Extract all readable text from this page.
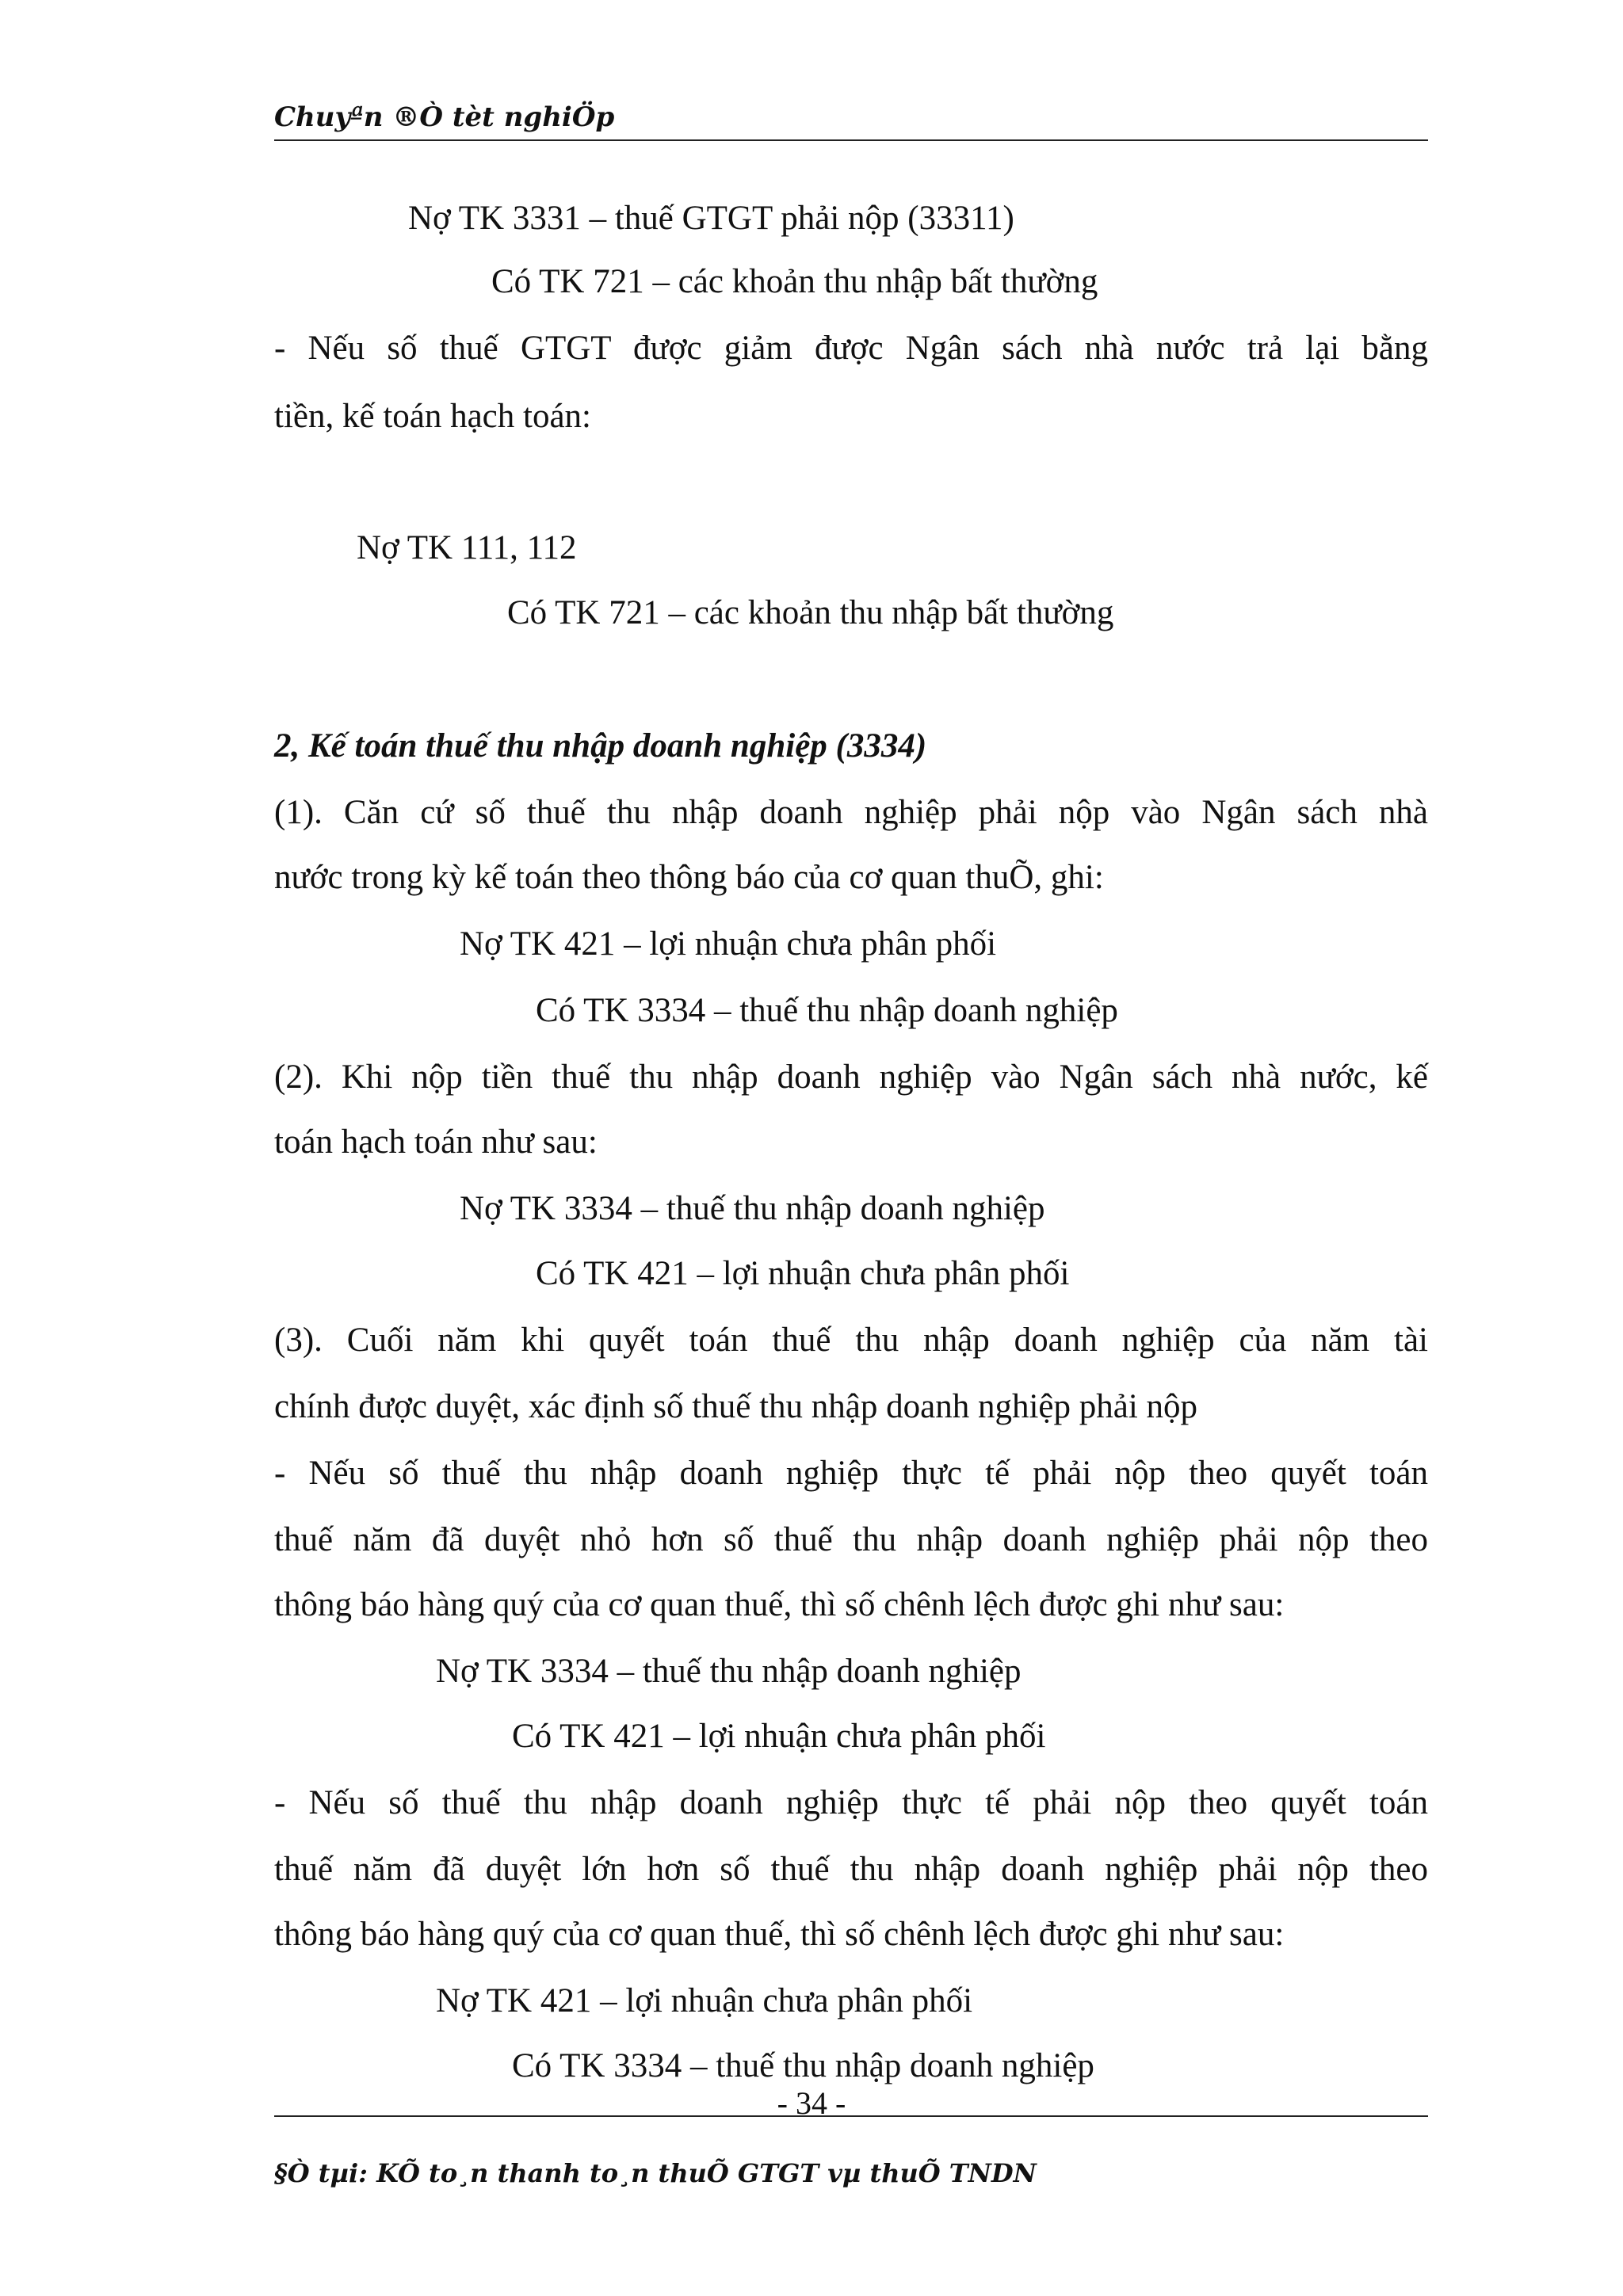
Chuyªn ®Ò tèt nghiÖp
Nợ TK 3331 – thuế GTGT phải nộp (33311)
Có TK 721 – các khoản thu nhập bất thường
- Nếu số thuế GTGT được giảm được Ngân sách nhà nước trả lại bằng
tiền, kế toán hạch toán:
Nợ TK 111, 112
Có TK 721 – các khoản thu nhập bất thường
2, Kế toán thuế thu nhập doanh nghiệp (3334)
(1). Căn cứ số thuế thu nhập doanh nghiệp phải nộp vào Ngân sách nhà
nước trong kỳ kế toán theo thông báo của cơ quan thuÕ, ghi:
Nợ TK 421 – lợi nhuận chưa phân phối
Có TK 3334 – thuế thu nhập doanh nghiệp
(2). Khi nộp tiền thuế thu nhập doanh nghiệp vào Ngân sách nhà nước, kế
toán hạch toán như sau:
Nợ TK 3334 – thuế thu nhập doanh nghiệp
Có TK 421 – lợi nhuận chưa phân phối
(3). Cuối năm khi quyết toán thuế thu nhập doanh nghiệp của năm tài
chính được duyệt, xác định số thuế thu nhập doanh nghiệp phải nộp
- Nếu số thuế thu nhập doanh nghiệp thực tế phải nộp theo quyết toán
thuế năm đã duyệt nhỏ hơn số thuế thu nhập doanh nghiệp phải nộp theo
thông báo hàng quý của cơ quan thuế, thì số chênh lệch được ghi như sau:
Nợ TK 3334 – thuế thu nhập doanh nghiệp
Có TK 421 – lợi nhuận chưa phân phối
- Nếu số thuế thu nhập doanh nghiệp thực tế phải nộp theo quyết toán
thuế năm đã duyệt lớn hơn số thuế thu nhập doanh nghiệp phải nộp theo
thông báo hàng quý của cơ quan thuế, thì số chênh lệch được ghi như sau:
Nợ TK 421 – lợi nhuận chưa phân phối
Có TK 3334 – thuế thu nhập doanh nghiệp
- 34 -
§Ò tµi: KÕ to¸n thanh to¸n thuÕ GTGT vµ thuÕ TNDN
